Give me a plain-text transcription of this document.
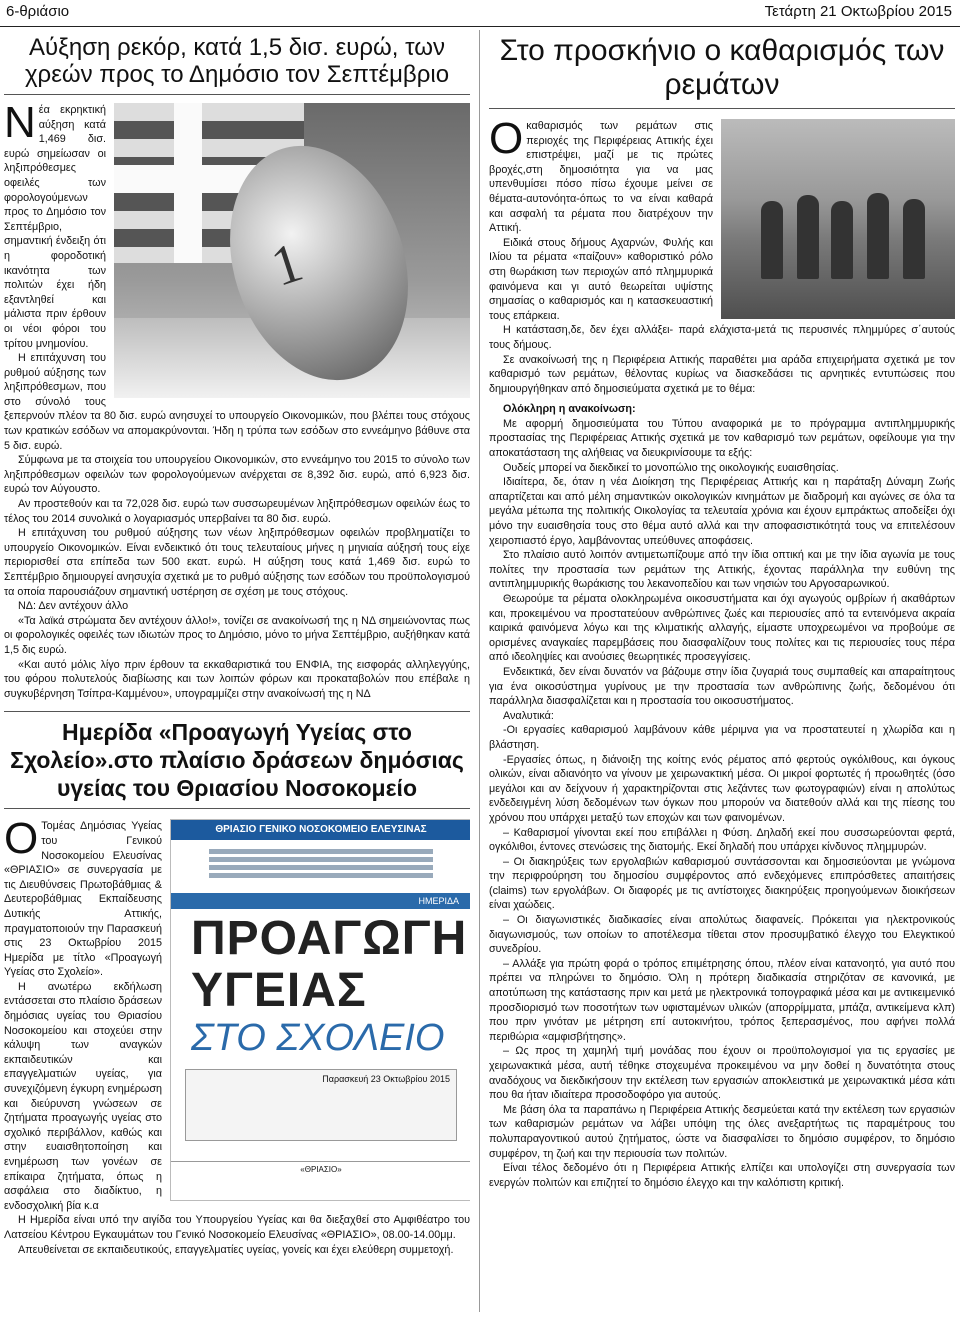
6-θριάσιο	Τετάρτη 21 Οκτωβρίου 2015
Αύξηση ρεκόρ, κατά 1,5 δισ. ευρώ, των χρεών προς το Δημόσιο τον Σεπτέμβριο
1

Νέα εκρηκτική αύξηση κατά 1,469 δισ. ευρώ σημείωσαν οι ληξιπρόθεσμες οφειλές των φορολογούμενων προς το Δημόσιο τον Σεπτέμβριο, σημαντική ένδειξη ότι η φοροδοτική ικανότητα των πολιτών έχει ήδη εξαντληθεί και μάλιστα πριν έρθουν οι νέοι φόροι του τρίτου μνημονίου.

Η επιτάχυνση του ρυθμού αύξησης των ληξιπρόθεσμων, που στο σύνολό τους ξεπερνούν πλέον τα 80 δισ. ευρώ ανησυχεί το υπουργείο Οικονομικών, που βλέπει τους στόχους των κρατικών εσόδων να απομακρύνονται. Ήδη η τρύπα των εσόδων στο εννεάμηνο βάθυνε στα 5 δισ. ευρώ.

Σύμφωνα με τα στοιχεία του υπουργείου Οικονομικών, στο εννεάμηνο του 2015 το σύνολο των ληξιπρόθεσμων οφειλών των φορολογούμενων ανέρχεται σε 8,392 δισ. ευρώ, από 6,923 δισ. ευρώ τον Αύγουστο.

Αν προστεθούν και τα 72,028 δισ. ευρώ των συσσωρευμένων ληξιπρόθεσμων οφειλών έως το τέλος του 2014 συνολικά ο λογαριασμός υπερβαίνει τα 80 δισ. ευρώ.

Η επιτάχυνση του ρυθμού αύξησης των νέων ληξιπρόθεσμων οφειλών προβληματίζει το υπουργείο Οικονομικών. Είναι ενδεικτικό ότι τους τελευταίους μήνες η μηνιαία αύξησή τους είχε περιορισθεί στα επίπεδα των 500 εκατ. ευρώ. Η αύξηση τους κατά 1,469 δισ. ευρώ το Σεπτέμβριο δημιουργεί ανησυχία σχετικά με το ρυθμό αύξησης των εσόδων του προϋπολογισμού τα οποία παρουσιάζουν σημαντική υστέρηση σε σχέση με τους στόχους.

ΝΔ: Δεν αντέχουν άλλο

«Τα λαϊκά στρώματα δεν αντέχουν άλλο!», τονίζει σε ανακοίνωσή της η ΝΔ σημειώνοντας πως οι φορολογικές οφειλές των ιδιωτών προς το Δημόσιο, μόνο το μήνα Σεπτέμβριο, αυξήθηκαν κατά 1,5 δις ευρώ.

«Και αυτό μόλις λίγο πριν έρθουν τα εκκαθαριστικά του ΕΝΦΙΑ, της εισφοράς αλληλεγγύης, του φόρου πολυτελούς διαβίωσης και των λοιπών φόρων και προκαταβολών που επέβαλε η συγκυβέρνηση Τσίπρα-Καμμένου», υπογραμμίζει στην ανακοίνωσή της η ΝΔ

Ημερίδα «Προαγωγή Υγείας στο Σχολείο».στο πλαίσιο δράσεων δημόσιας υγείας του Θριασίου Νοσοκομείο
ΘΡΙΑΣΙΟ ΓΕΝΙΚΟ ΝΟΣΟΚΟΜΕΙΟ ΕΛΕΥΣΙΝΑΣ
ΗΜΕΡΙΔΑ
ΠΡΟΑΓΩΓΗ ΥΓΕΙΑΣ
ΣΤΟ ΣΧΟΛΕΙΟ
Παρασκευή 23 Οκτωβρίου 2015
«ΘΡΙΑΣΙΟ»

Ο Τομέας Δημόσιας Υγείας του Γενικού Νοσοκομείου Ελευσίνας «ΘΡΙΑΣΙΟ» σε συνεργασία με τις Διευθύνσεις Πρωτοβάθμιας & Δευτεροβάθμιας Εκπαίδευσης Δυτικής Αττικής, πραγματοποιούν την Παρασκευή στις 23 Οκτωβρίου 2015 Ημερίδα με τίτλο «Προαγωγή Υγείας στο Σχολείο».

Η ανωτέρω εκδήλωση εντάσσεται στο πλαίσιο δράσεων δημόσιας υγείας του Θριασίου Νοσοκομείου και στοχεύει στην κάλυψη των αναγκών εκπαιδευτικών και επαγγελματιών υγείας, για συνεχιζόμενη έγκυρη ενημέρωση και διεύρυνση γνώσεων σε ζητήματα προαγωγής υγείας στο σχολικό περιβάλλον, καθώς και στην ευαισθητοποίηση και ενημέρωση των γονέων σε επίκαιρα ζητήματα, όπως η ασφάλεια στο διαδίκτυο, η ενδοσχολική βία κ.α

Η Ημερίδα είναι υπό την αιγίδα του Υπουργείου Υγείας και θα διεξαχθεί στο Αμφιθέατρο του Λατσείου Κέντρου Εγκαυμάτων του Γενικό Νοσοκομείο Ελευσίνας «ΘΡΙΑΣΙΟ», 08.00-14.00μμ.

Απευθείνεται σε εκπαιδευτικούς, επαγγελματίες υγείας, γονείς και έχει ελεύθερη συμμετοχή.

Στο προσκήνιο ο καθαρισμός των ρεμάτων

Οκαθαρισμός των ρεμάτων στις περιοχές της Περιφέρειας Αττικής έχει επιστρέψει, μαζί με τις πρώτες βροχές,στη δημοσιότητα για να μας υπενθυμίσει πόσο πίσω έχουμε μείνει σε θέματα-αυτονόητα-όπως το να είναι καθαρά και ασφαλή τα ρέματα που διατρέχουν την Αττική.

Ειδικά στους δήμους Αχαρνών, Φυλής και Ιλίου τα ρέματα «παίζουν» καθοριστικό ρόλο στη θωράκιση των περιοχών από πλημμυρικά φαινόμενα και γι αυτό θεωρείται υψίστης σημασίας ο καθαρισμός και η κατασκευαστική τους επάρκεια.

Η κατάσταση,δε, δεν έχει αλλάξει- παρά ελάχιστα-μετά τις περυσινές πλημμύρες σ΄αυτούς τους δήμους.

Σε ανακοίνωσή της η Περιφέρεια Αττικής παραθέτει μια αράδα επιχειρήματα σχετικά με τον καθαρισμό των ρεμάτων, θέλοντας κυρίως να διασκεδάσει τις αρνητικές εντυπώσεις που δημιουργήθηκαν από δημοσιεύματα σχετικά με το θέμα:

Ολόκληρη η ανακοίνωση:

Με αφορμή δημοσιεύματα του Τύπου αναφορικά με το πρόγραμμα αντιπλημμυρικής προστασίας της Περιφέρειας Αττικής σχετικά με τον καθαρισμό των ρεμάτων, οφείλουμε για την αποκατάσταση της αλήθειας να διευκρινίσουμε τα εξής:

Ουδείς μπορεί να διεκδικεί το μονοπώλιο της οικολογικής ευαισθησίας.

Ιδιαίτερα, δε, όταν η νέα Διοίκηση της Περιφέρειας Αττικής και η παράταξη Δύναμη Ζωής απαρτίζεται και από μέλη σημαντικών οικολογικών κινημάτων με διαδρομή και αγώνες σε όλα τα μεγάλα μέτωπα της πολιτικής Οικολογίας τα τελευταία χρόνια και έχουν εμπράκτως αποδείξει όχι μόνο την ευαισθησία τους στο θέμα αυτό αλλά και την αποφασιστικότητά τους να επιτελέσουν χειροπιαστό έργο, λαμβάνοντας υπεύθυνες αποφάσεις.

Στο πλαίσιο αυτό λοιπόν αντιμετωπίζουμε από την ίδια οπτική και με την ίδια αγωνία με τους πολίτες την προστασία των ρεμάτων της Αττικής, έχοντας παράλληλα την ευθύνη της αντιπλημμυρικής θωράκισης του λεκανοπεδίου και των νησιών του Αργοσαρωνικού.

Θεωρούμε τα ρέματα ολοκληρωμένα οικοσυστήματα και όχι αγωγούς ομβρίων ή ακαθάρτων και, προκειμένου να προστατεύουν ανθρώπινες ζωές και περιουσίες από τα εντεινόμενα ακραία καιρικά φαινόμενα λόγω και της κλιματικής αλλαγής, είμαστε υποχρεωμένοι να προβούμε σε ορισμένες αναγκαίες παρεμβάσεις που διασφαλίζουν τους πολίτες και τις περιουσίες τους πέρα από ιδεοληψίες και ανούσιες θεωρητικές προσεγγίσεις.

Ενδεικτικά, δεν είναι δυνατόν να βάζουμε στην ίδια ζυγαριά τους συμπαθείς και απαραίτητους για ένα οικοσύστημα γυρίνους με την προστασία των ανθρώπινης ζωής, δεδομένου ότι παράλληλα διασφαλίζεται και η προστασία του οικοσυστήματος.

Αναλυτικά:

-Οι εργασίες καθαρισμού λαμβάνουν κάθε μέριμνα για να προστατευτεί η χλωρίδα και η βλάστηση.

-Εργασίες όπως, η διάνοιξη της κοίτης ενός ρέματος από φερτούς ογκόλιθους, και όγκους ολικών, είναι αδιανόητο να γίνουν με χειρωνακτική μέσα. Οι μικροί φορτωτές ή προωθητές (όσο μεγάλοι και αν δείχνουν ή χαρακτηρίζονται στις λεζάντες των φωτογραφιών) είναι η απολύτως ενδεδειγμένη λύση δεδομένων των όγκων που μπορούν να διατεθούν αλλά και της πίεσης του χρόνου που υπάρχει μεταξύ των εποχών και των φαινομένων.

– Καθαρισμοί γίνονται εκεί που επιβάλλει η Φύση. Δηλαδή εκεί που συσσωρεύονται φερτά, ογκόλιθοι, έντονες στενώσεις της διατομής. Εκεί δηλαδή που υπάρχει κίνδυνος πλημμυρών.

– Οι διακηρύξεις των εργολαβιών καθαρισμού συντάσσονται και δημοσιεύονται με γνώμονα την περιφρούρηση του δημοσίου συμφέροντος από ενδεχόμενες επιπρόσθετες απαιτήσεις (claims) των εργολάβων. Οι διαφορές με τις αντίστοιχες διακηρύξεις προηγούμενων διοικήσεων είναι χαώδεις.

– Οι διαγωνιστικές διαδικασίες είναι απολύτως διαφανείς. Πρόκειται για ηλεκτρονικούς διαγωνισμούς, των οποίων το αποτέλεσμα τίθεται στον προσυμβατικό έλεγχο του Ελεγκτικού συνεδρίου.

– Αλλάξε για πρώτη φορά ο τρόπος επιμέτρησης όπου, πλέον είναι κατανοητό, για αυτό που πρέπει να πληρώνει το δημόσιο. Όλη η πρότερη διαδικασία στηριζόταν σε κανονικά, με αποτύπωση της κατάστασης πριν και μετά με ηλεκτρονικά τοπογραφικά μέσα και με αντικειμενικό προσδιορισμό των ποσοτήτων των υφισταμένων υλικών (απορρίμματα, μπάζα, αντικείμενα κλπ) που πριν γινόταν με μέτρηση επί αυτοκινήτου, τρόπος ξεπερασμένος, που αφήνει πολλά περιθώρια «αμφισβήτησης».

– Ως προς τη χαμηλή τιμή μονάδας που έχουν οι προϋπολογισμοί για τις εργασίες με χειρωνακτικά μέσα, αυτή τέθηκε στοχευμένα προκειμένου να μην δοθεί η δυνατότητα στους αναδόχους να διεκδικήσουν την εκτέλεση των εργασιών αποκλειστικά με χειρωνακτικά μέσα κάτι που θα ήταν ιδιαίτερα προσοδοφόρο για αυτούς.

Με βάση όλα τα παραπάνω η Περιφέρεια Αττικής δεσμεύεται κατά την εκτέλεση των εργασιών των καθαρισμών ρεμάτων να λάβει υπόψη της όλες ανεξαρτήτως τις παραμέτρους του πολυπαραγοντικού αυτού ζητήματος, ώστε να διασφαλίσει το δημόσιο συμφέρον, το δημόσιο συμφέρον, τη ζωή και την περιουσία των πολιτών.

Είναι τέλος δεδομένο ότι η Περιφέρεια Αττικής ελπίζει και υπολογίζει στη συνεργασία των ενεργών πολιτών και επιζητεί το δημόσιο έλεγχο και την καλόπιστη κριτική.
